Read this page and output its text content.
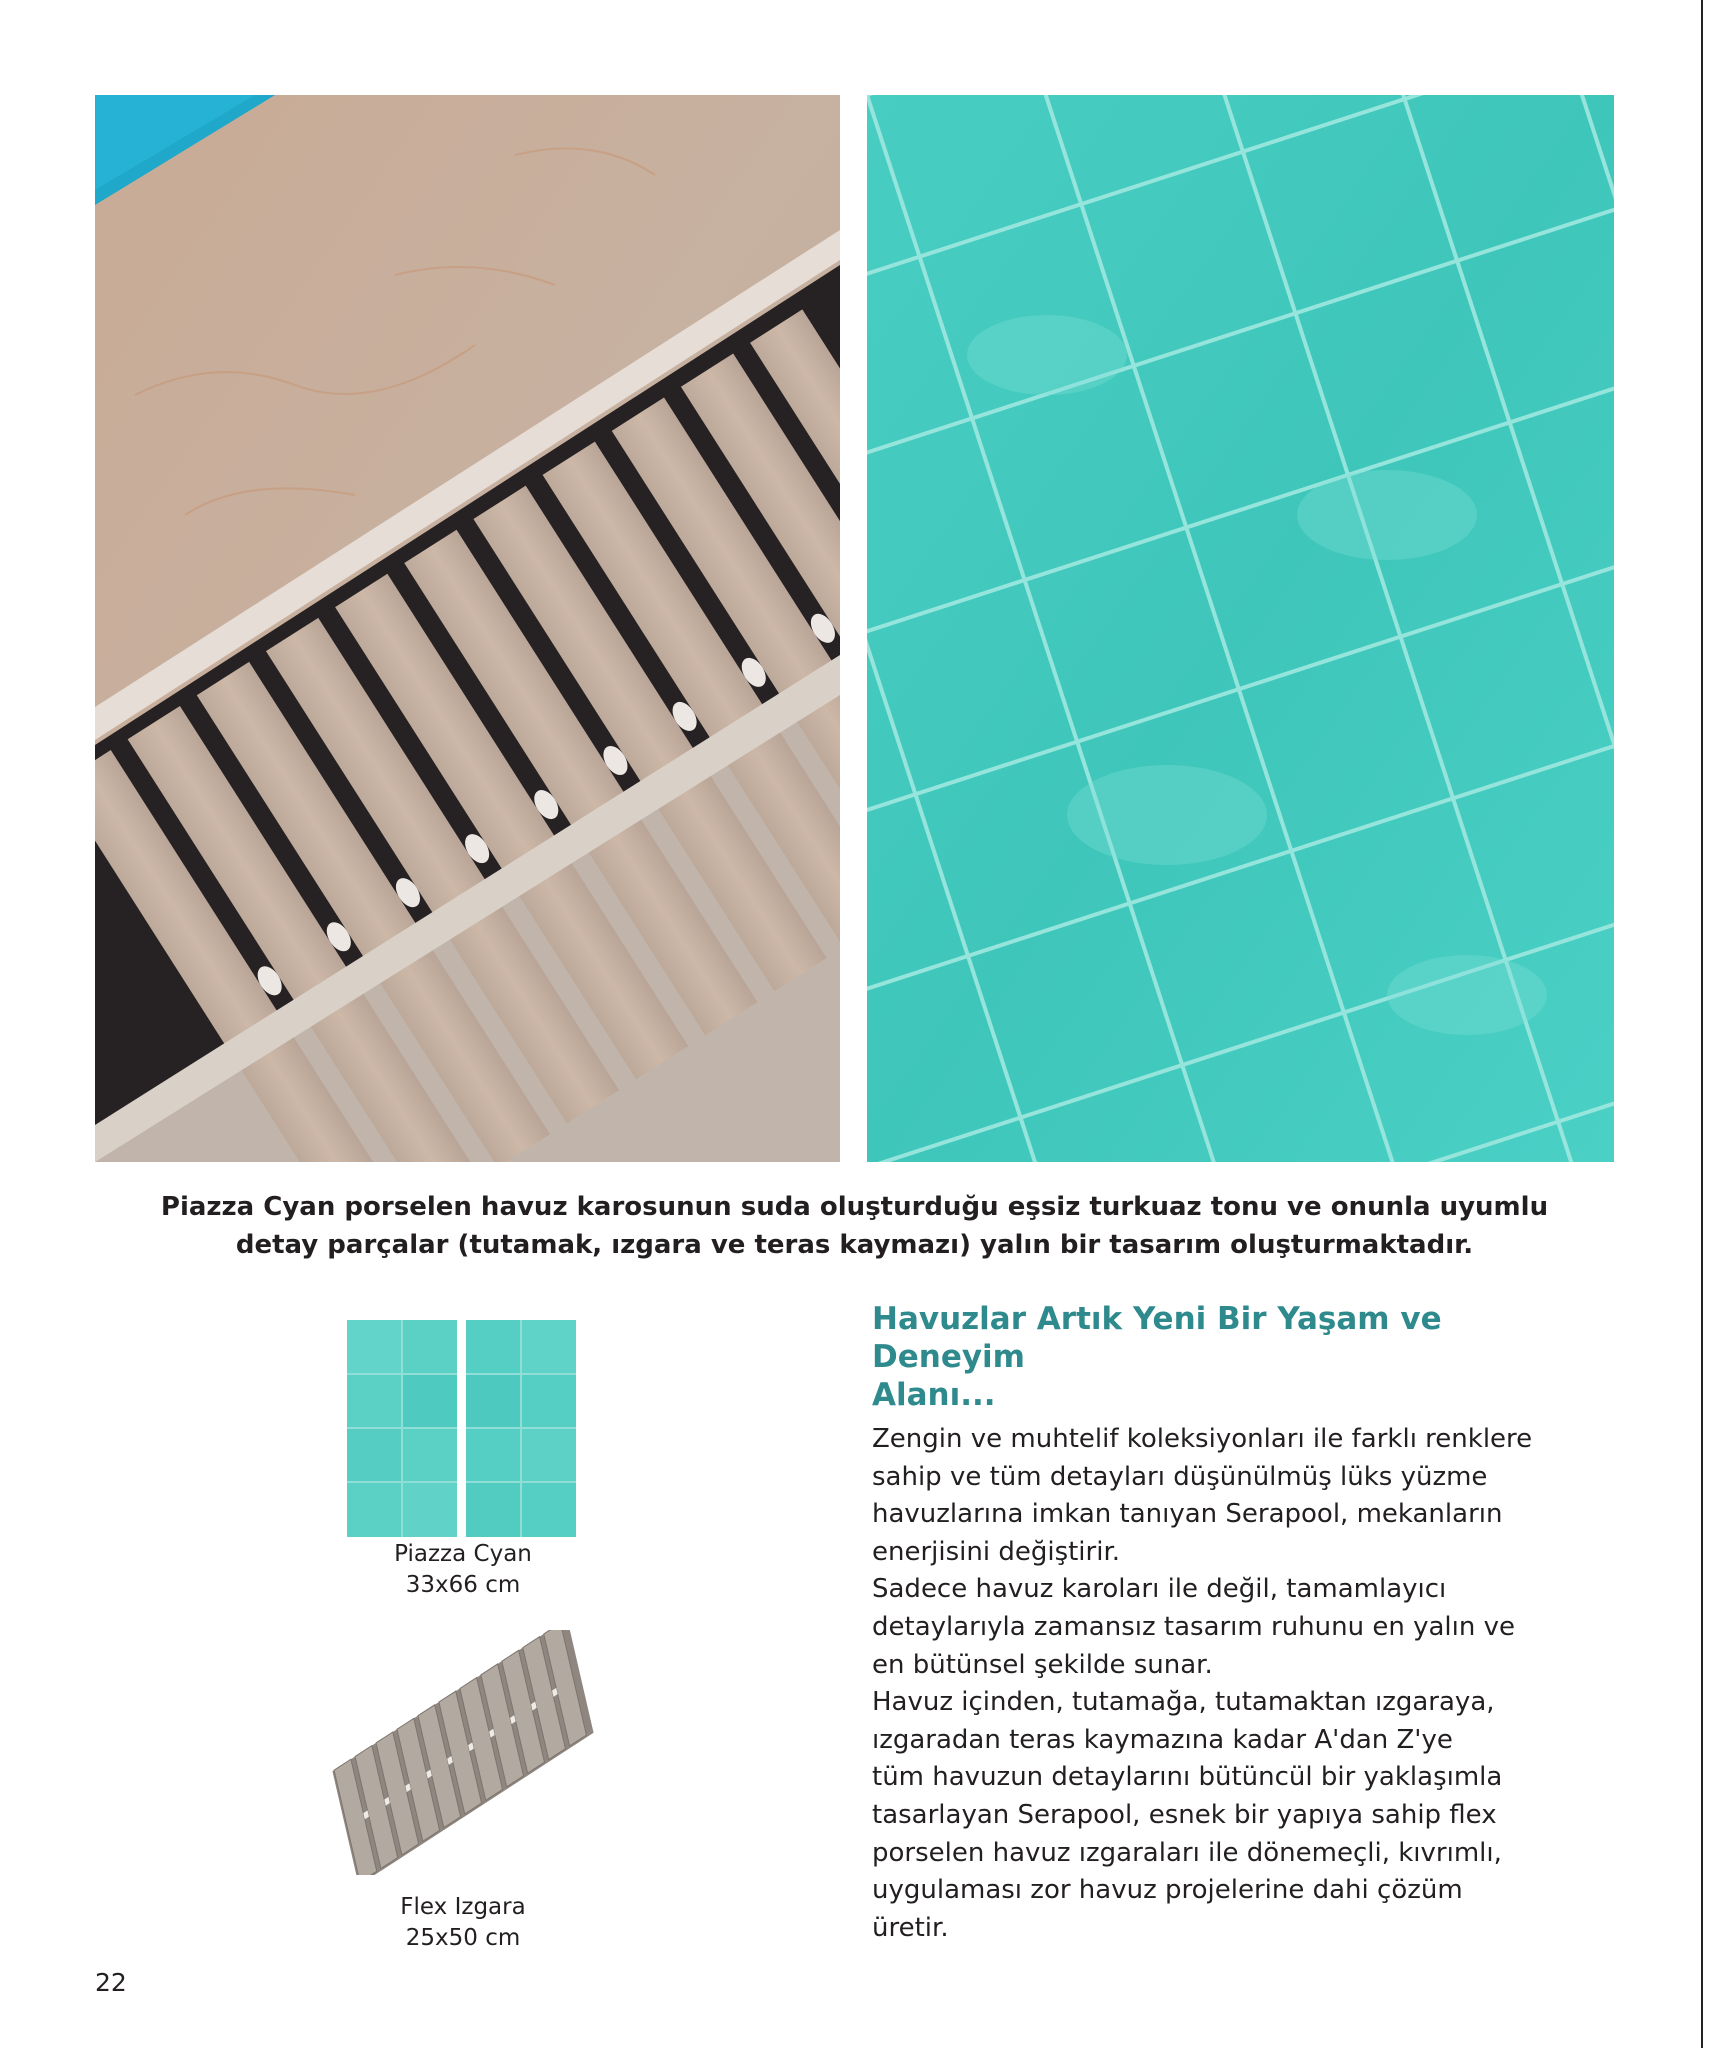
Piazza Cyan porselen havuz karosunun suda oluşturduğu eşsiz turkuaz tonu ve onunla uyumlu
detay parçalar (tutamak, ızgara ve teras kaymazı) yalın bir tasarım oluşturmaktadır.
Piazza Cyan
33x66 cm
Flex Izgara
25x50 cm
Havuzlar Artık Yeni Bir Yaşam ve Deneyim
Alanı...

Zengin ve muhtelif koleksiyonları ile farklı renklere
sahip ve tüm detayları düşünülmüş lüks yüzme
havuzlarına imkan tanıyan Serapool, mekanların
enerjisini değiştirir.

Sadece havuz karoları ile değil, tamamlayıcı
detaylarıyla zamansız tasarım ruhunu en yalın ve
en bütünsel şekilde sunar.

Havuz içinden, tutamağa, tutamaktan ızgaraya,
ızgaradan teras kaymazına kadar A'dan Z'ye
tüm havuzun detaylarını bütüncül bir yaklaşımla
tasarlayan Serapool, esnek bir yapıya sahip flex
porselen havuz ızgaraları ile dönemeçli, kıvrımlı,
uygulaması zor havuz projelerine dahi çözüm
üretir.

22
